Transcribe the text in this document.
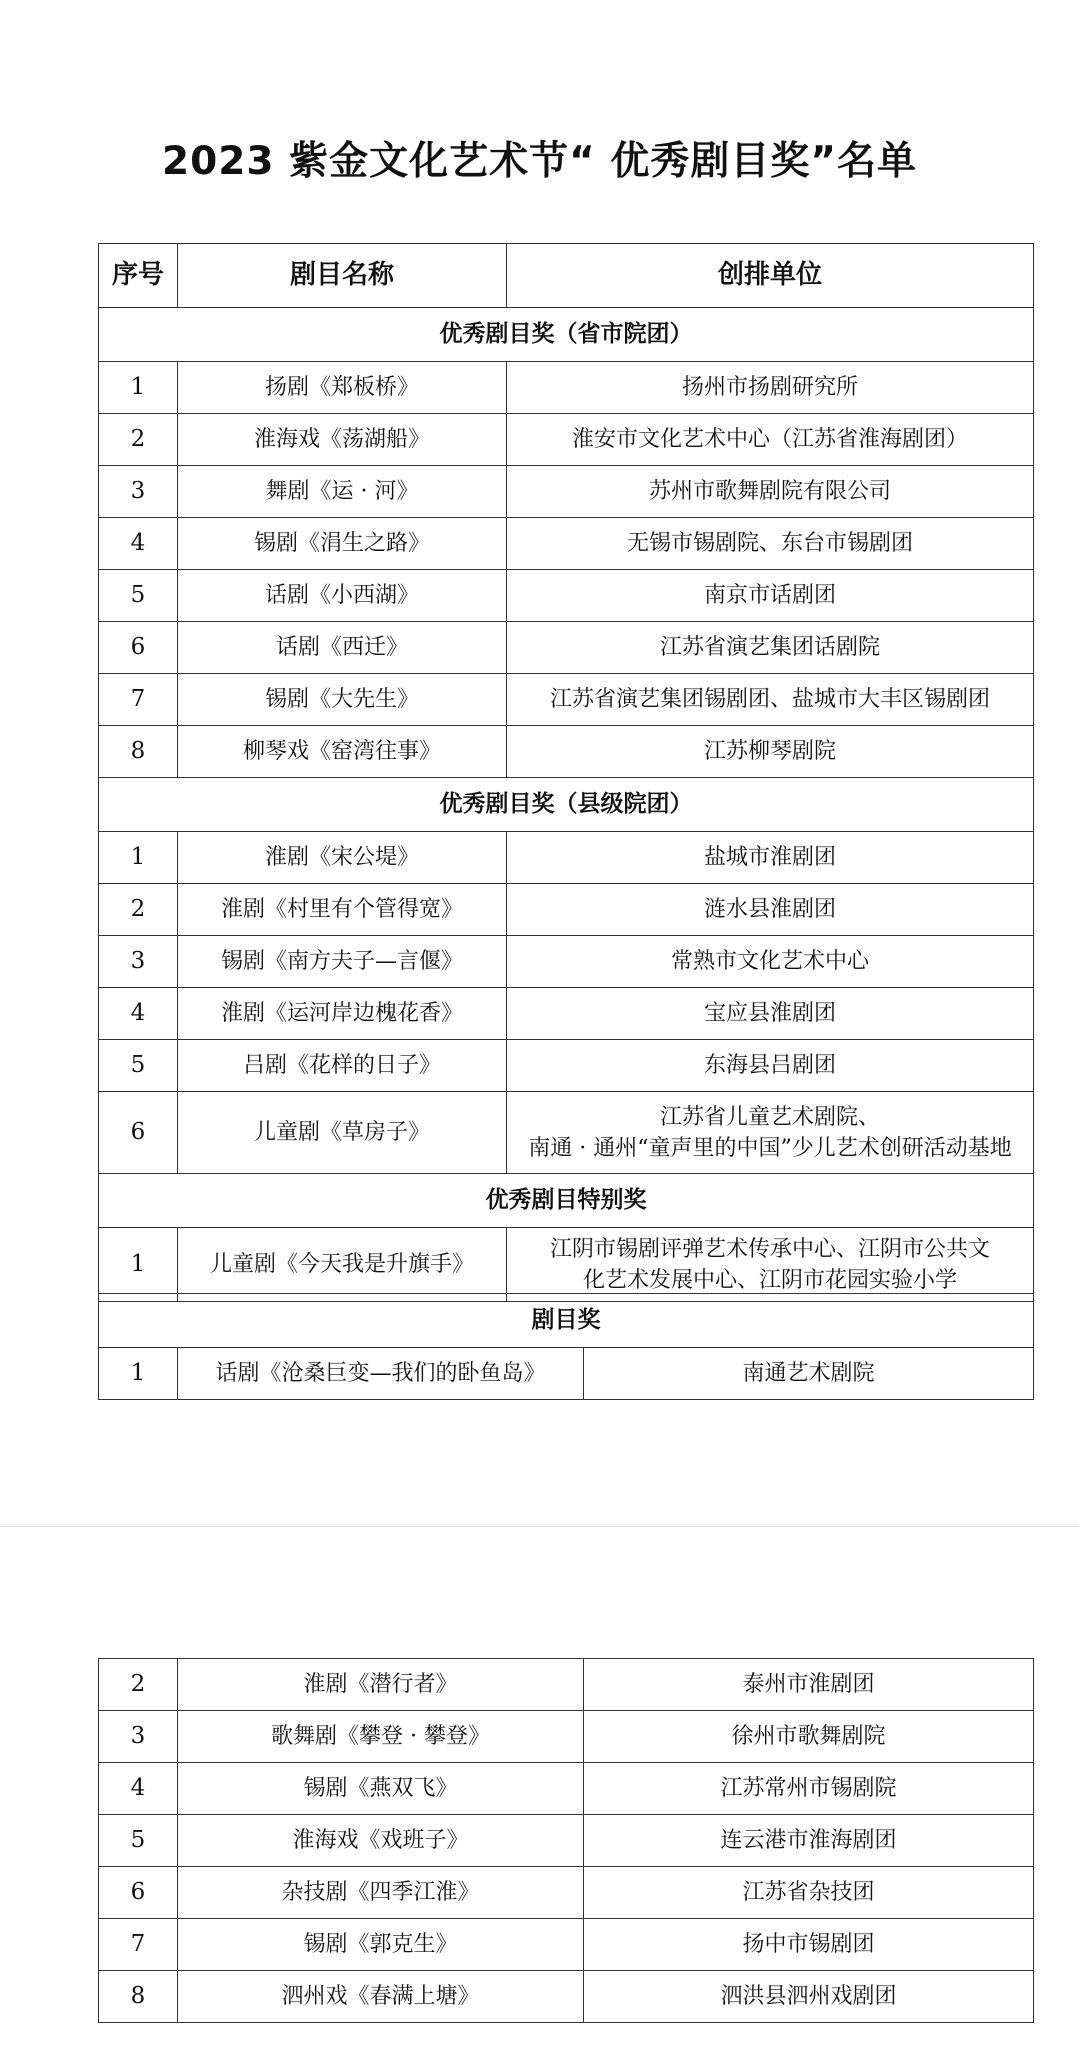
2023 紫金文化艺术节“ 优秀剧目奖”名单
序号	剧目名称	创排单位
优秀剧目奖（省市院团）		
1	扬剧《郑板桥》	扬州市扬剧研究所
2	淮海戏《荡湖船》	淮安市文化艺术中心（江苏省淮海剧团）
3	舞剧《运 · 河》	苏州市歌舞剧院有限公司
4	锡剧《涓生之路》	无锡市锡剧院、东台市锡剧团
5	话剧《小西湖》	南京市话剧团
6	话剧《西迁》	江苏省演艺集团话剧院
7	锡剧《大先生》	江苏省演艺集团锡剧团、盐城市大丰区锡剧团
8	柳琴戏《窑湾往事》	江苏柳琴剧院
优秀剧目奖（县级院团）		
1	淮剧《宋公堤》	盐城市淮剧团
2	淮剧《村里有个管得宽》	涟水县淮剧团
3	锡剧《南方夫子—言偃》	常熟市文化艺术中心
4	淮剧《运河岸边槐花香》	宝应县淮剧团
5	吕剧《花样的日子》	东海县吕剧团
6	儿童剧《草房子》	江苏省儿童艺术剧院、
南通 · 通州“童声里的中国”少儿艺术创研活动基地

优秀剧目特别奖		
1	儿童剧《今天我是升旗手》	江阴市锡剧评弹艺术传承中心、江阴市公共文
化艺术发展中心、江阴市花园实验小学
剧目奖
1	话剧《沧桑巨变—我们的卧鱼岛》	南通艺术剧院
2	淮剧《潜行者》	泰州市淮剧团
3	歌舞剧《攀登 · 攀登》	徐州市歌舞剧院
4	锡剧《燕双飞》	江苏常州市锡剧院
5	淮海戏《戏班子》	连云港市淮海剧团
6	杂技剧《四季江淮》	江苏省杂技团
7	锡剧《郭克生》	扬中市锡剧团
8	泗州戏《春满上塘》	泗洪县泗州戏剧团
